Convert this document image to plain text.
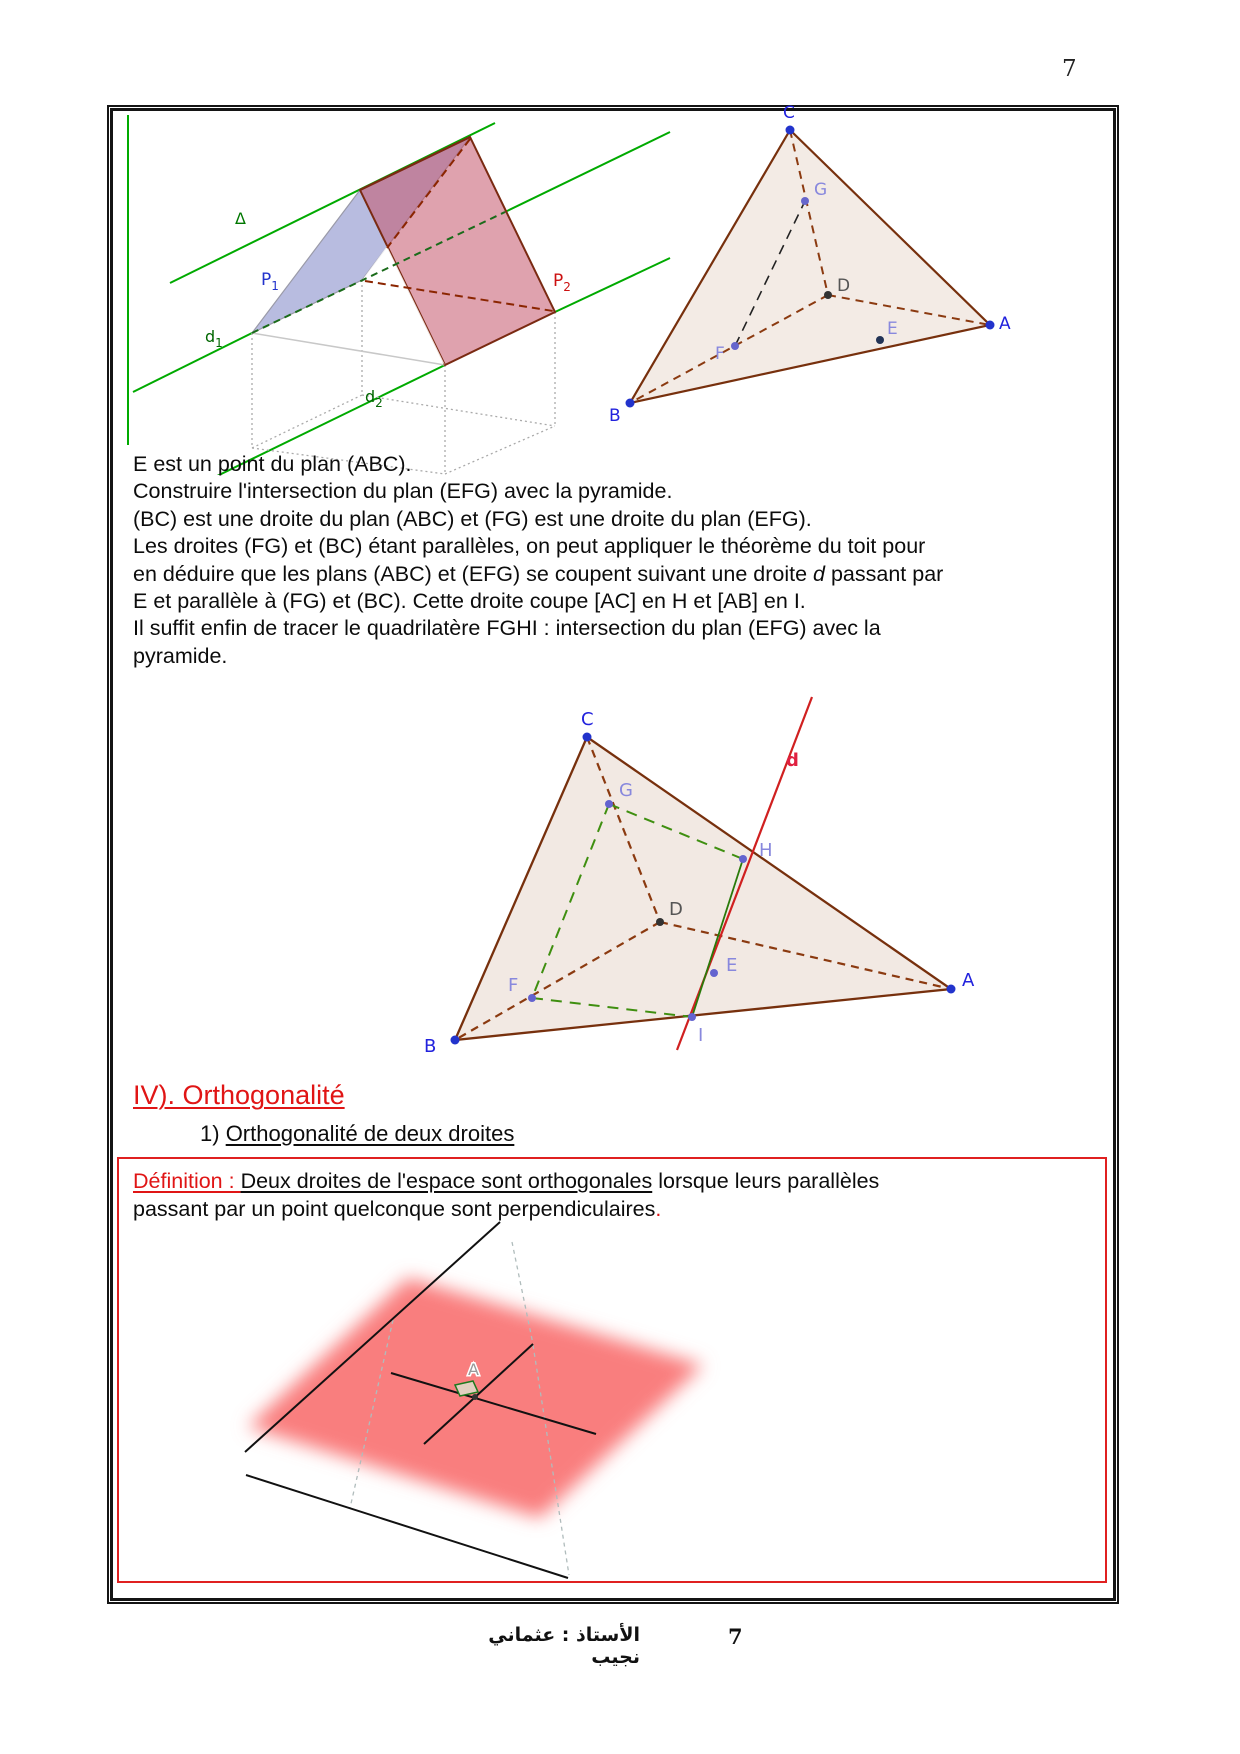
7
Δ
$P_1$	$P_2$
$d_1$
$d_2$
C
B
A
G
F
E
D
E est un point du plan (ABC).
Construire l'intersection du plan (EFG) avec la pyramide.
(BC) est une droite du plan (ABC) et (FG) est une droite du plan (EFG).
Les droites (FG) et (BC) étant parallèles, on peut appliquer le théorème du toit pour
en déduire que les plans (ABC) et (EFG) se coupent suivant une droite d passant par
E et parallèle à (FG) et (BC). Cette droite coupe [AC] en H et [AB] en I.
Il suffit enfin de tracer le quadrilatère FGHI : intersection du plan (EFG) avec la
pyramide.
C
B
A
d
G
H
F
E
I
D
IV). Orthogonalité
1) Orthogonalité de deux droites
Définition : Deux droites de l'espace sont orthogonales lorsque leurs parallèles
passant par un point quelconque sont perpendiculaires.
A
الأستاذ : عثماني نجيب
7
